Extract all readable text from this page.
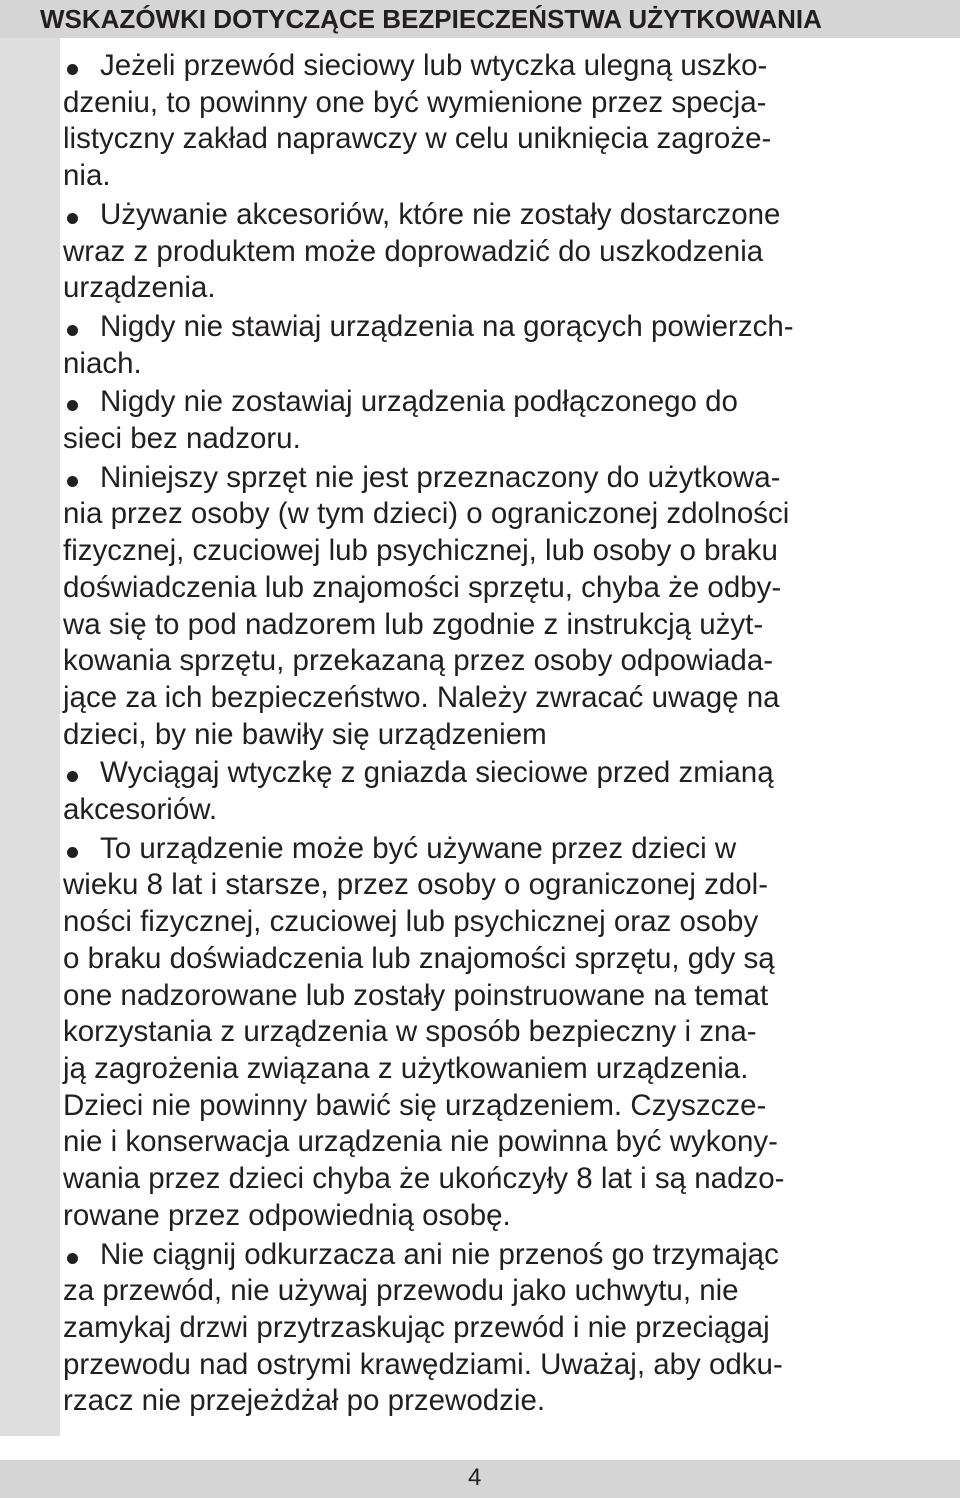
WSKAZÓWKI DOTYCZĄCE BEZPIECZEŃSTWA UŻYTKOWANIA
Jeżeli przewód sieciowy lub wtyczka ulegną uszko-
dzeniu, to powinny one być wymienione przez specja-
listyczny zakład naprawczy w celu uniknięcia zagroże-
nia.
Używanie akcesoriów, które nie zostały dostarczone
wraz z produktem może doprowadzić do uszkodzenia
urządzenia.
Nigdy nie stawiaj urządzenia na gorących powierzch-
niach.
Nigdy nie zostawiaj urządzenia podłączonego do
sieci bez nadzoru.
Niniejszy sprzęt nie jest przeznaczony do użytkowa-
nia przez osoby (w tym dzieci) o ograniczonej zdolności
fizycznej, czuciowej lub psychicznej, lub osoby o braku
doświadczenia lub znajomości sprzętu, chyba że odby-
wa się to pod nadzorem lub zgodnie z instrukcją użyt-
kowania sprzętu, przekazaną przez osoby odpowiada-
jące za ich bezpieczeństwo. Należy zwracać uwagę na
dzieci, by nie bawiły się urządzeniem
Wyciągaj wtyczkę z gniazda sieciowe przed zmianą
akcesoriów.
To urządzenie może być używane przez dzieci w
wieku 8 lat i starsze, przez osoby o ograniczonej zdol-
ności fizycznej, czuciowej lub psychicznej oraz osoby
o braku doświadczenia lub znajomości sprzętu, gdy są
one nadzorowane lub zostały poinstruowane na temat
korzystania z urządzenia w sposób bezpieczny i zna-
ją zagrożenia związana z użytkowaniem urządzenia.
Dzieci nie powinny bawić się urządzeniem. Czyszcze-
nie i konserwacja urządzenia nie powinna być wykony-
wania przez dzieci chyba że ukończyły 8 lat i są nadzo-
rowane przez odpowiednią osobę.
Nie ciągnij odkurzacza ani nie przenoś go trzymając
za przewód, nie używaj przewodu jako uchwytu, nie
zamykaj drzwi przytrzaskując przewód i nie przeciągaj
przewodu nad ostrymi krawędziami. Uważaj, aby odku-
rzacz nie przejeżdżał po przewodzie.
4
